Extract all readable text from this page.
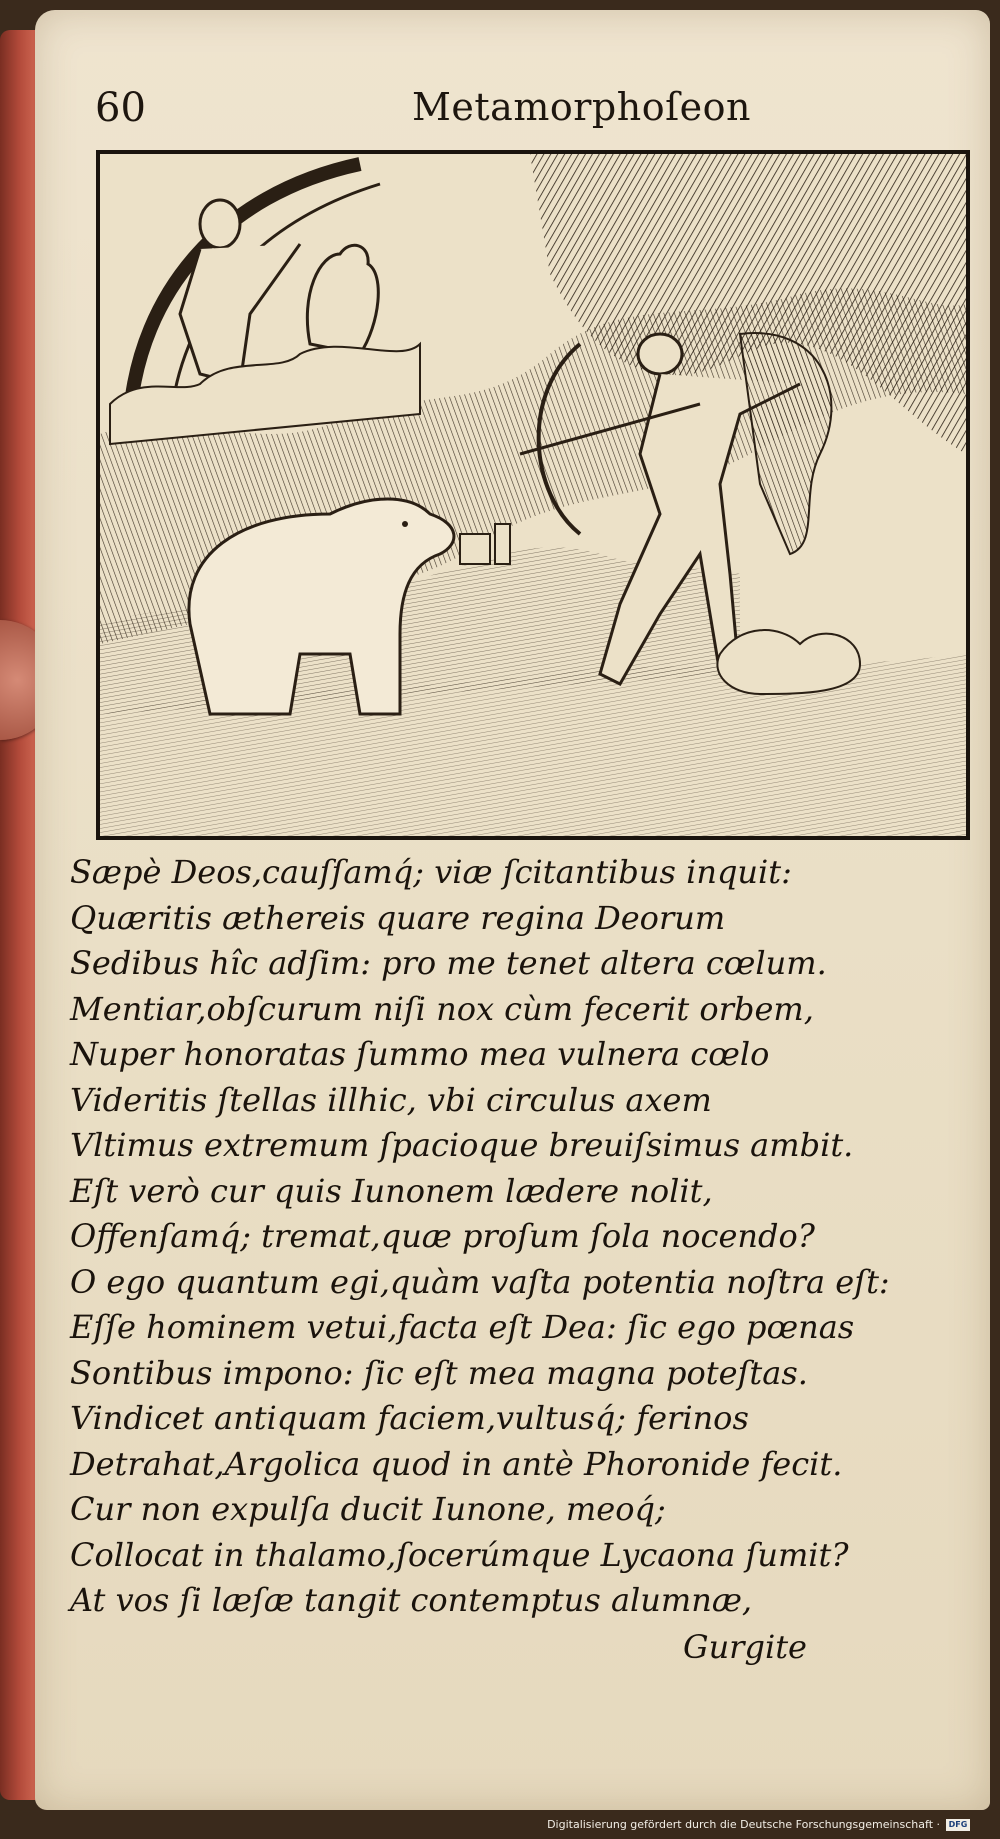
60	Metamorphoſeon
Sæpè Deos,cauſſamq́; viæ ſcitantibus inquit:
Quæritis æthereis quare regina Deorum
Sedibus hîc adſim: pro me tenet altera cœlum.
Mentiar,obſcurum niſi nox cùm fecerit orbem,
Nuper honoratas ſummo mea vulnera cœlo
Videritis ſtellas illhic, vbi circulus axem
Vltimus extremum ſpacioque breuiſsimus ambit.
Eſt verò cur quis Iunonem lædere nolit,
Offenſamq́; tremat,quæ proſum ſola nocendo?
O ego quantum egi,quàm vaſta potentia noſtra eſt:
Eſſe hominem vetui,facta eſt Dea: ſic ego pœnas
Sontibus impono: ſic eſt mea magna poteſtas.
Vindicet antiquam faciem,vultusq́; ferinos
Detrahat,Argolica quod in antè Phoronide fecit.
Cur non expulſa ducit Iunone, meoq́;
Collocat in thalamo,ſocerúmque Lycaona ſumit?
At vos ſi læſæ tangit contemptus alumnæ,
Gurgite
Digitalisierung gefördert durch die Deutsche Forschungsgemeinschaft ·	DFG
